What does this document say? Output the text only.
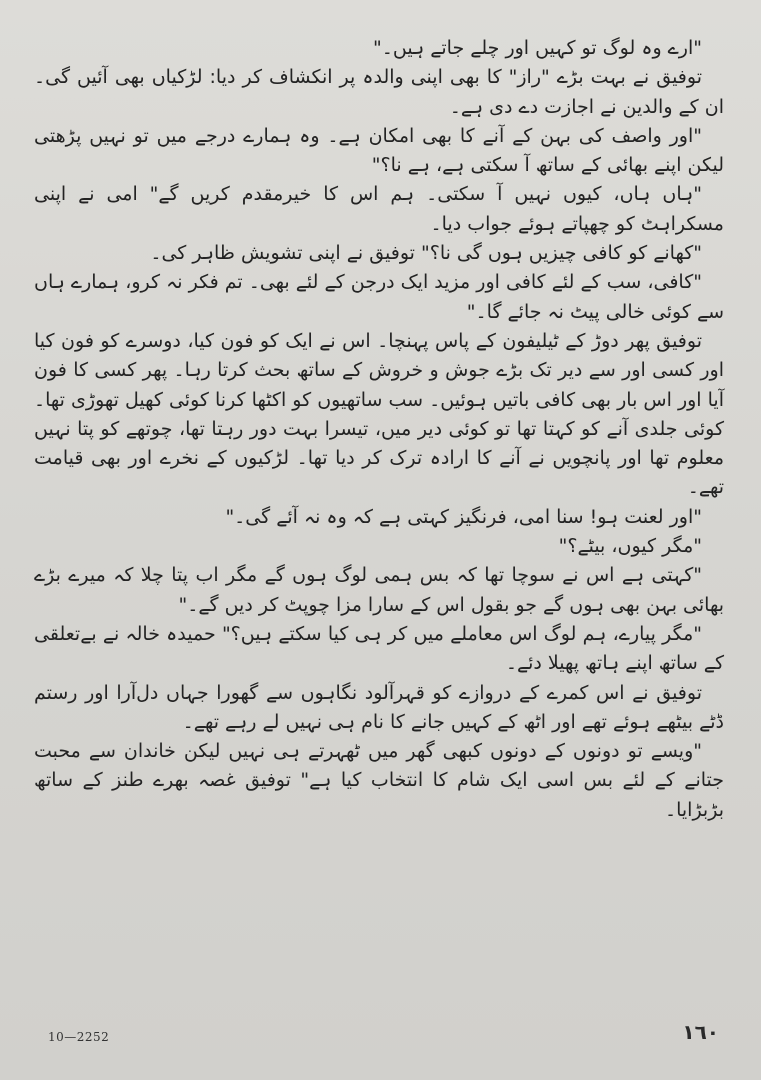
"ارے وہ لوگ تو کہیں اور چلے جاتے ہیں۔"

توفیق نے بہت بڑے "راز" کا بھی اپنی والدہ پر انکشاف کر دیا: لڑکیاں بھی آئیں گی۔ ان کے والدین نے اجازت دے دی ہے۔

"اور واصف کی بہن کے آنے کا بھی امکان ہے۔ وہ ہمارے درجے میں تو نہیں پڑھتی لیکن اپنے بھائی کے ساتھ آ سکتی ہے، ہے نا؟"

"ہاں ہاں، کیوں نہیں آ سکتی۔ ہم اس کا خیرمقدم کریں گے" امی نے اپنی مسکراہٹ کو چھپاتے ہوئے جواب دیا۔

"کھانے کو کافی چیزیں ہوں گی نا؟" توفیق نے اپنی تشویش ظاہر کی۔

"کافی، سب کے لئے کافی اور مزید ایک درجن کے لئے بھی۔ تم فکر نہ کرو، ہمارے ہاں سے کوئی خالی پیٹ نہ جائے گا۔"

توفیق پھر دوڑ کے ٹیلیفون کے پاس پہنچا۔ اس نے ایک کو فون کیا، دوسرے کو فون کیا اور کسی اور سے دیر تک بڑے جوش و خروش کے ساتھ بحث کرتا رہا۔ پھر کسی کا فون آیا اور اس بار بھی کافی باتیں ہوئیں۔ سب ساتھیوں کو اکٹھا کرنا کوئی کھیل تھوڑی تھا۔ کوئی جلدی آنے کو کہتا تھا تو کوئی دیر میں، تیسرا بہت دور رہتا تھا، چوتھے کو پتا نہیں معلوم تھا اور پانچویں نے آنے کا ارادہ ترک کر دیا تھا۔ لڑکیوں کے نخرے اور بھی قیامت تھے۔

"اور لعنت ہو! سنا امی، فرنگیز کہتی ہے کہ وہ نہ آئے گی۔"

"مگر کیوں، بیٹے؟"

"کہتی ہے اس نے سوچا تھا کہ بس ہمی لوگ ہوں گے مگر اب پتا چلا کہ میرے بڑے بھائی بہن بھی ہوں گے جو بقول اس کے سارا مزا چوپٹ کر دیں گے۔"

"مگر پیارے، ہم لوگ اس معاملے میں کر ہی کیا سکتے ہیں؟" حمیدہ خالہ نے بےتعلقی کے ساتھ اپنے ہاتھ پھیلا دئے۔

توفیق نے اس کمرے کے دروازے کو قہرآلود نگاہوں سے گھورا جہاں دل‌آرا اور رستم ڈٹے بیٹھے ہوئے تھے اور اٹھ کے کہیں جانے کا نام ہی نہیں لے رہے تھے۔

"ویسے تو دونوں کے دونوں کبھی گھر میں ٹھہرتے ہی نہیں لیکن خاندان سے محبت جتانے کے لئے بس اسی ایک شام کا انتخاب کیا ہے" توفیق غصہ بھرے طنز کے ساتھ بڑبڑایا۔

١٦٠
10—2252
